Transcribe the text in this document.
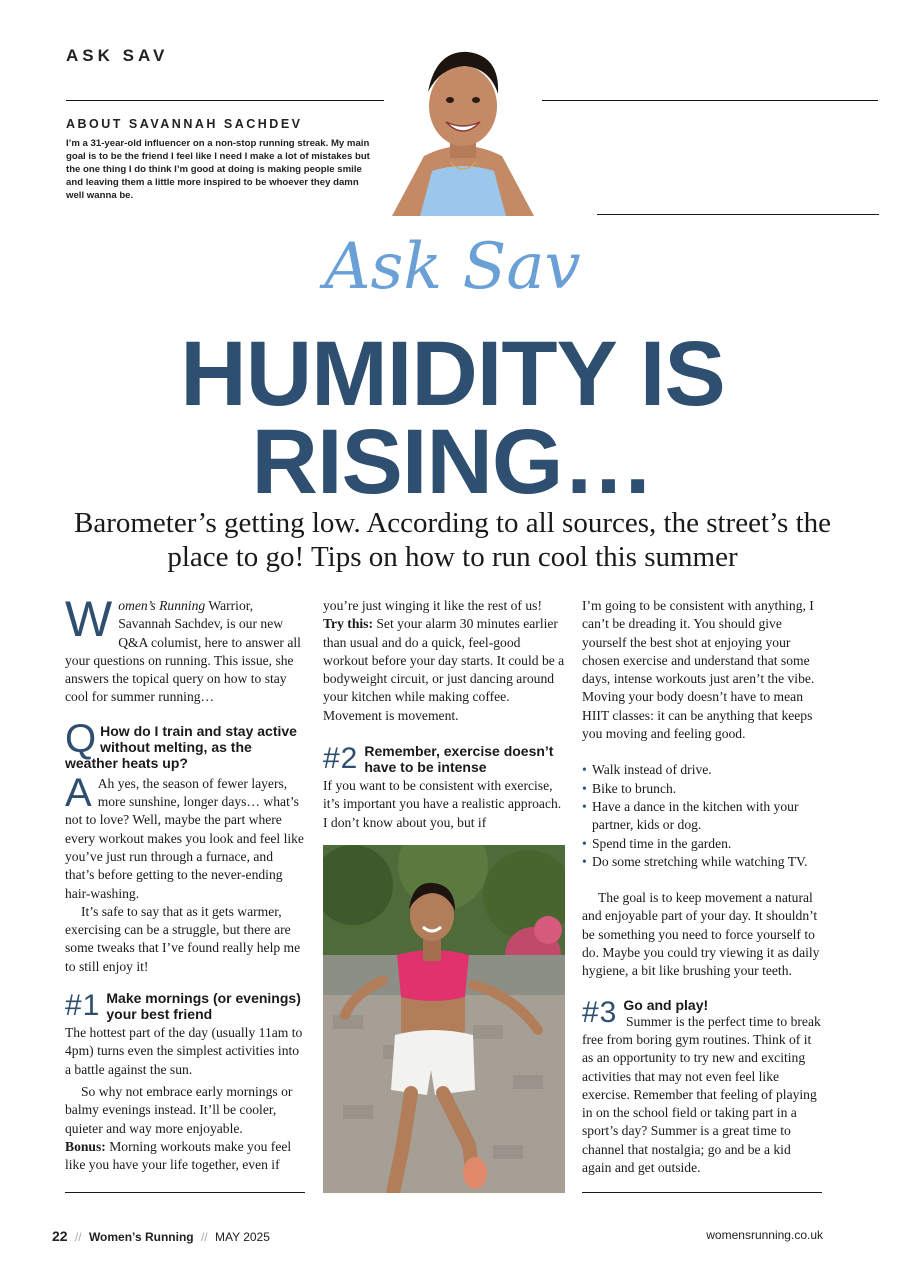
ASK SAV
ABOUT SAVANNAH SACHDEV
I’m a 31-year-old influencer on a non-stop running streak. My main goal is to be the friend I feel like I need I make a lot of mistakes but the one thing I do think I’m good at doing is making people smile and leaving them a little more inspired to be whoever they damn well wanna be.
Ask Sav
HUMIDITY IS RISING…
Barometer’s getting low. According to all sources, the street’s the place to go! Tips on how to run cool this summer

Women’s Running Warrior, Savannah Sachdev, is our new Q&A columist, here to answer all your questions on running. This issue, she answers the topical query on how to stay cool for summer running…

Q How do I train and stay active without melting, as the weather heats up?

A Ah yes, the season of fewer layers, more sunshine, longer days… what’s not to love? Well, maybe the part where every workout makes you look and feel like you’ve just run through a furnace, and that’s before getting to the never-ending hair-washing.

It’s safe to say that as it gets warmer, exercising can be a struggle, but there are some tweaks that I’ve found really help me to still enjoy it!

#1 Make mornings (or evenings) your best friend

The hottest part of the day (usually 11am to 4pm) turns even the simplest activities into a battle against the sun.

So why not embrace early mornings or balmy evenings instead. It’ll be cooler, quieter and way more enjoyable.

Bonus: Morning workouts make you feel like you have your life together, even if

you’re just winging it like the rest of us!

Try this: Set your alarm 30 minutes earlier than usual and do a quick, feel-good workout before your day starts. It could be a bodyweight circuit, or just dancing around your kitchen while making coffee. Movement is movement.

#2 Remember, exercise doesn’t have to be intense

If you want to be consistent with exercise, it’s important you have a realistic approach. I don’t know about you, but if

I’m going to be consistent with anything, I can’t be dreading it. You should give yourself the best shot at enjoying your chosen exercise and understand that some days, intense workouts just aren’t the vibe. Moving your body doesn’t have to mean HIIT classes: it can be anything that keeps you moving and feeling good.

• Walk instead of drive.
• Bike to brunch.
• Have a dance in the kitchen with your partner, kids or dog.
• Spend time in the garden.
• Do some stretching while watching TV.

The goal is to keep movement a natural and enjoyable part of your day. It shouldn’t be something you need to force yourself to do. Maybe you could try viewing it as daily hygiene, a bit like brushing your teeth.

#3 Go and play!

Summer is the perfect time to break free from boring gym routines. Think of it as an opportunity to try new and exciting activities that may not even feel like exercise. Remember that feeling of playing in on the school field or taking part in a sport’s day? Summer is a great time to channel that nostalgia; go and be a kid again and get outside.

22 // Women’s Running // MAY 2025	womensrunning.co.uk
